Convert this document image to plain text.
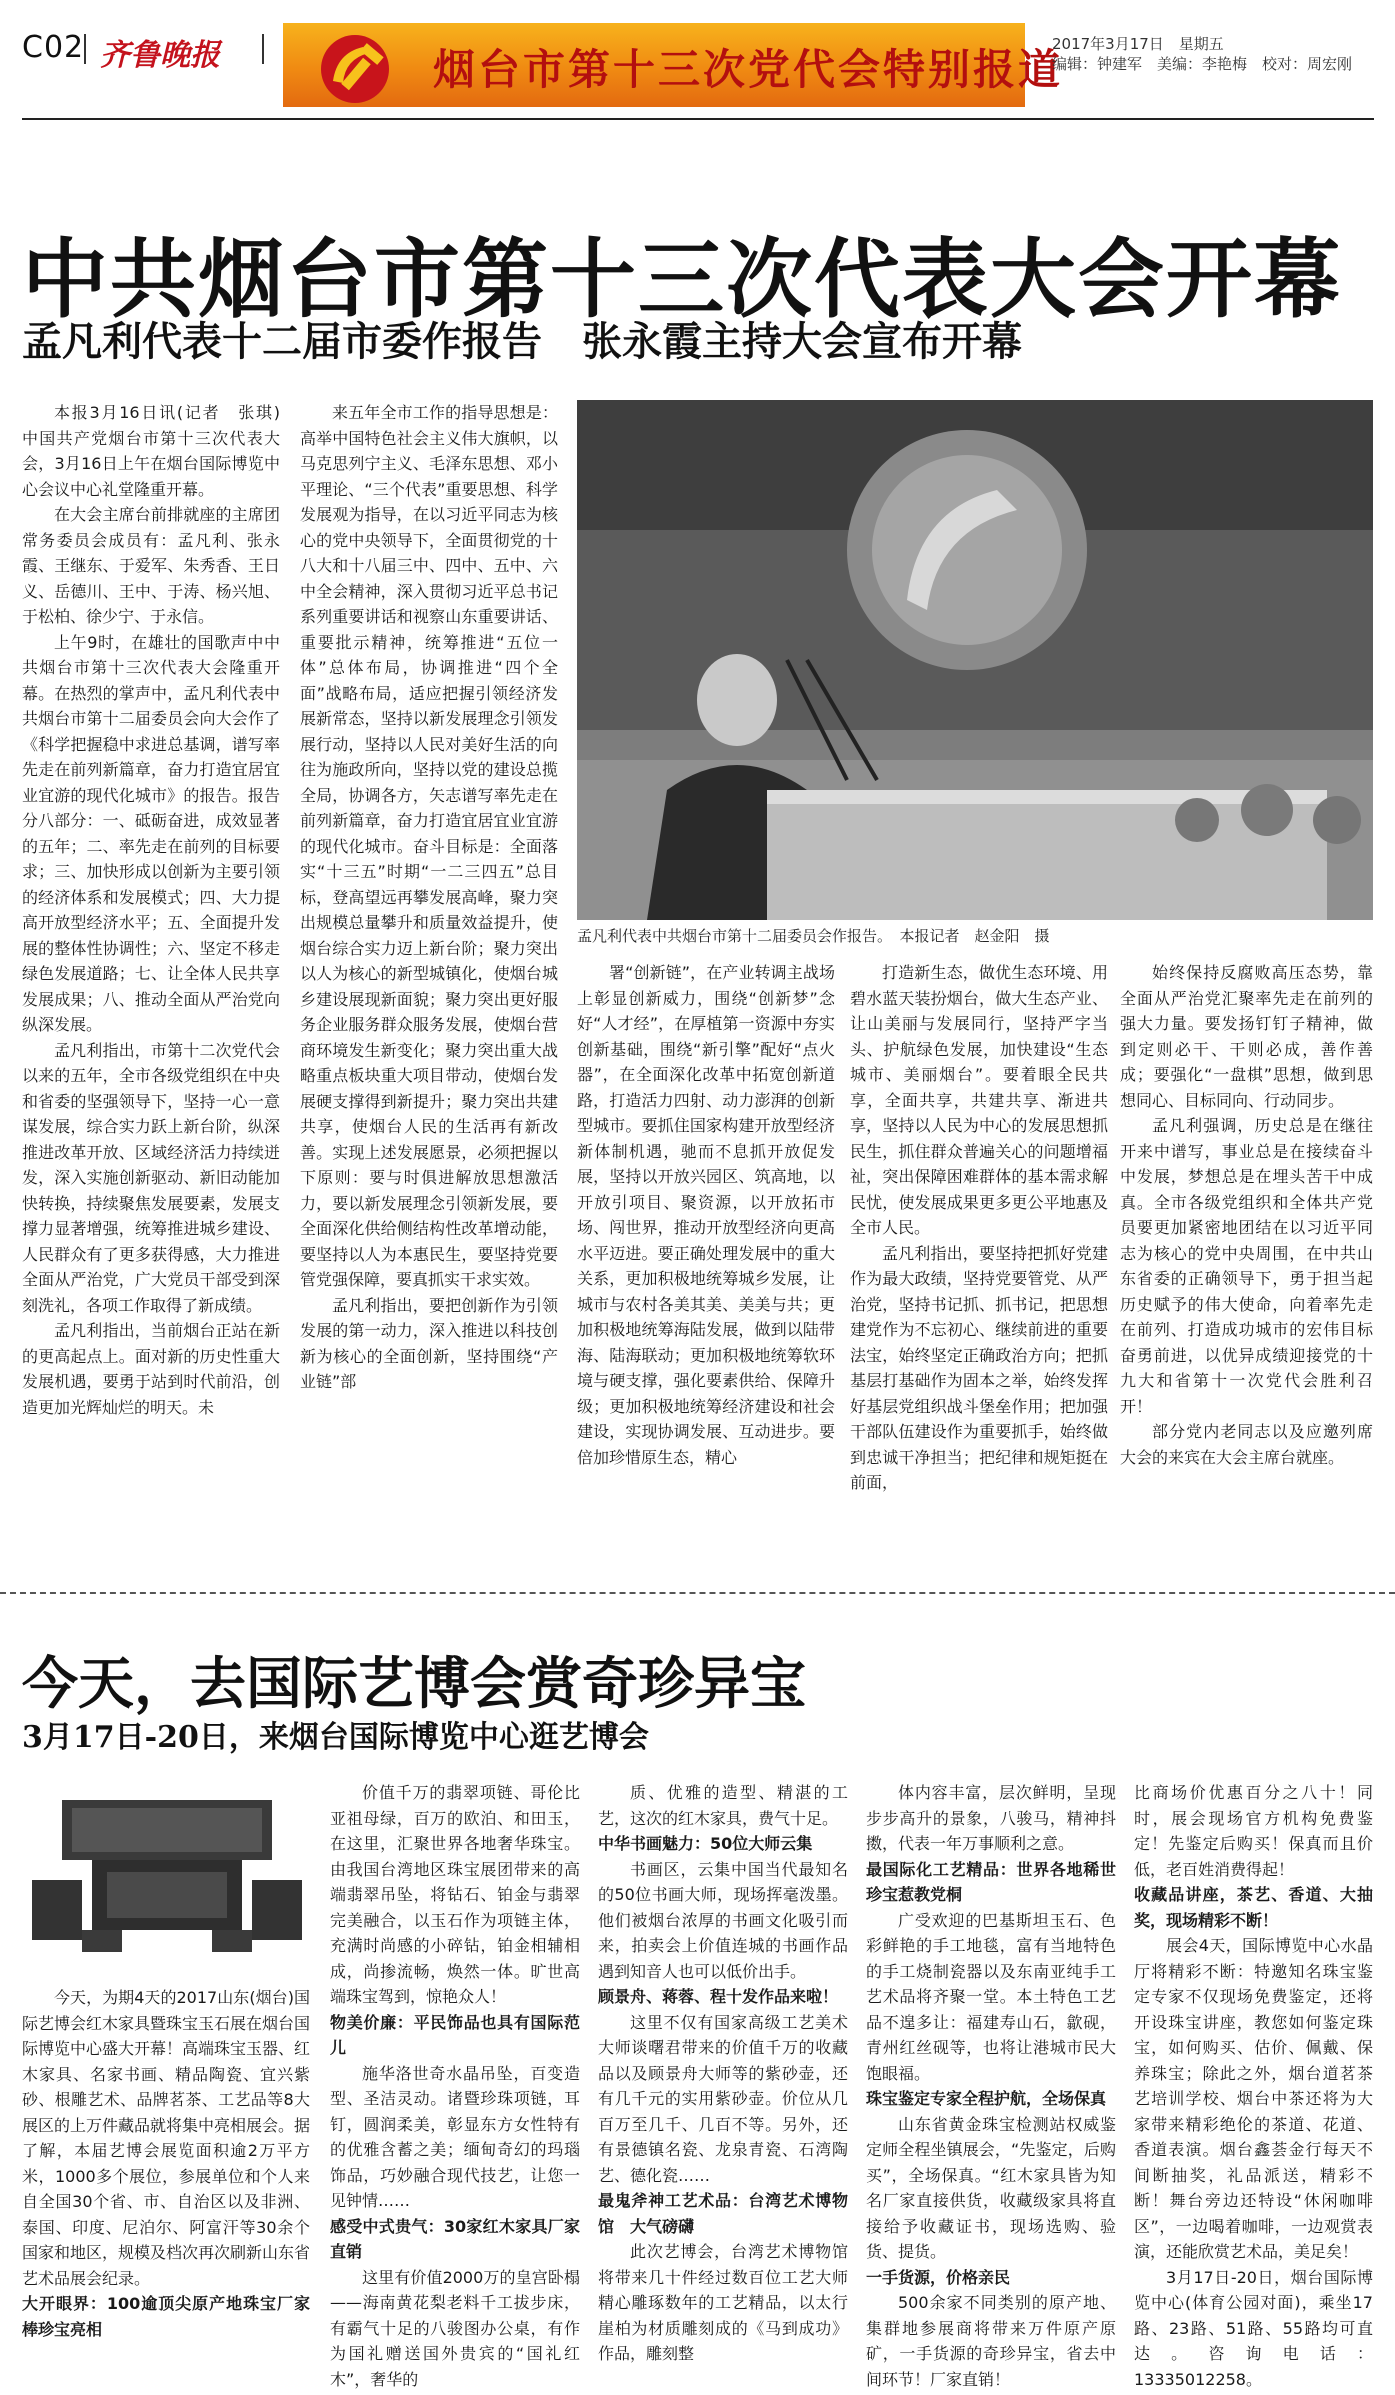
C02 齐鲁晚报	烟台市第十三次党代会特别报道
2017年3月17日　星期五
编辑：钟建军　美编：李艳梅　校对：周宏刚
中共烟台市第十三次代表大会开幕
孟凡利代表十二届市委作报告　张永霞主持大会宣布开幕

本报3月16日讯(记者　张琪)　中国共产党烟台市第十三次代表大会，3月16日上午在烟台国际博览中心会议中心礼堂隆重开幕。

在大会主席台前排就座的主席团常务委员会成员有：孟凡利、张永霞、王继东、于爱军、朱秀香、王日义、岳德川、王中、于涛、杨兴旭、于松柏、徐少宁、于永信。

上午9时，在雄壮的国歌声中中共烟台市第十三次代表大会隆重开幕。在热烈的掌声中，孟凡利代表中共烟台市第十二届委员会向大会作了《科学把握稳中求进总基调，谱写率先走在前列新篇章，奋力打造宜居宜业宜游的现代化城市》的报告。报告分八部分：一、砥砺奋进，成效显著的五年；二、率先走在前列的目标要求；三、加快形成以创新为主要引领的经济体系和发展模式；四、大力提高开放型经济水平；五、全面提升发展的整体性协调性；六、坚定不移走绿色发展道路；七、让全体人民共享发展成果；八、推动全面从严治党向纵深发展。

孟凡利指出，市第十二次党代会以来的五年，全市各级党组织在中央和省委的坚强领导下，坚持一心一意谋发展，综合实力跃上新台阶，纵深推进改革开放、区域经济活力持续迸发，深入实施创新驱动、新旧动能加快转换，持续聚焦发展要素，发展支撑力显著增强，统筹推进城乡建设、人民群众有了更多获得感，大力推进全面从严治党，广大党员干部受到深刻洗礼，各项工作取得了新成绩。

孟凡利指出，当前烟台正站在新的更高起点上。面对新的历史性重大发展机遇，要勇于站到时代前沿，创造更加光辉灿烂的明天。未

来五年全市工作的指导思想是：高举中国特色社会主义伟大旗帜，以马克思列宁主义、毛泽东思想、邓小平理论、“三个代表”重要思想、科学发展观为指导，在以习近平同志为核心的党中央领导下，全面贯彻党的十八大和十八届三中、四中、五中、六中全会精神，深入贯彻习近平总书记系列重要讲话和视察山东重要讲话、重要批示精神，统筹推进“五位一体”总体布局，协调推进“四个全面”战略布局，适应把握引领经济发展新常态，坚持以新发展理念引领发展行动，坚持以人民对美好生活的向往为施政所向，坚持以党的建设总揽全局，协调各方，矢志谱写率先走在前列新篇章，奋力打造宜居宜业宜游的现代化城市。奋斗目标是：全面落实“十三五”时期“一二三四五”总目标，登高望远再攀发展高峰，聚力突出规模总量攀升和质量效益提升，使烟台综合实力迈上新台阶；聚力突出以人为核心的新型城镇化，使烟台城乡建设展现新面貌；聚力突出更好服务企业服务群众服务发展，使烟台营商环境发生新变化；聚力突出重大战略重点板块重大项目带动，使烟台发展硬支撑得到新提升；聚力突出共建共享，使烟台人民的生活再有新改善。实现上述发展愿景，必须把握以下原则：要与时俱进解放思想激活力，要以新发展理念引领新发展，要全面深化供给侧结构性改革增动能，要坚持以人为本惠民生，要坚持党要管党强保障，要真抓实干求实效。

孟凡利指出，要把创新作为引领发展的第一动力，深入推进以科技创新为核心的全面创新，坚持围绕“产业链”部

孟凡利代表中共烟台市第十二届委员会作报告。　本报记者　赵金阳　摄

署“创新链”，在产业转调主战场上彰显创新威力，围绕“创新梦”念好“人才经”，在厚植第一资源中夯实创新基础，围绕“新引擎”配好“点火器”，在全面深化改革中拓宽创新道路，打造活力四射、动力澎湃的创新型城市。要抓住国家构建开放型经济新体制机遇，驰而不息抓开放促发展，坚持以开放兴园区、筑高地，以开放引项目、聚资源，以开放拓市场、闯世界，推动开放型经济向更高水平迈进。要正确处理发展中的重大关系，更加积极地统筹城乡发展，让城市与农村各美其美、美美与共；更加积极地统筹海陆发展，做到以陆带海、陆海联动；更加积极地统筹软环境与硬支撑，强化要素供给、保障升级；更加积极地统筹经济建设和社会建设，实现协调发展、互动进步。要倍加珍惜原生态，精心

打造新生态，做优生态环境、用碧水蓝天装扮烟台，做大生态产业、让山美丽与发展同行，坚持严字当头、护航绿色发展，加快建设“生态城市、美丽烟台”。要着眼全民共享，全面共享，共建共享、渐进共享，坚持以人民为中心的发展思想抓民生，抓住群众普遍关心的问题增福祉，突出保障困难群体的基本需求解民忧，使发展成果更多更公平地惠及全市人民。

孟凡利指出，要坚持把抓好党建作为最大政绩，坚持党要管党、从严治党，坚持书记抓、抓书记，把思想建党作为不忘初心、继续前进的重要法宝，始终坚定正确政治方向；把抓基层打基础作为固本之举，始终发挥好基层党组织战斗堡垒作用；把加强干部队伍建设作为重要抓手，始终做到忠诚干净担当；把纪律和规矩挺在前面，

始终保持反腐败高压态势，靠全面从严治党汇聚率先走在前列的强大力量。要发扬钉钉子精神，做到定则必干、干则必成，善作善成；要强化“一盘棋”思想，做到思想同心、目标同向、行动同步。

孟凡利强调，历史总是在继往开来中谱写，事业总是在接续奋斗中发展，梦想总是在埋头苦干中成真。全市各级党组织和全体共产党员要更加紧密地团结在以习近平同志为核心的党中央周围，在中共山东省委的正确领导下，勇于担当起历史赋予的伟大使命，向着率先走在前列、打造成功城市的宏伟目标奋勇前进，以优异成绩迎接党的十九大和省第十一次党代会胜利召开！

部分党内老同志以及应邀列席大会的来宾在大会主席台就座。

今天，去国际艺博会赏奇珍异宝
3月17日-20日，来烟台国际博览中心逛艺博会

今天，为期4天的2017山东(烟台)国际艺博会红木家具暨珠宝玉石展在烟台国际博览中心盛大开幕！高端珠宝玉器、红木家具、名家书画、精品陶瓷、宜兴紫砂、根雕艺术、品牌茗茶、工艺品等8大展区的上万件藏品就将集中亮相展会。据了解，本届艺博会展览面积逾2万平方米，1000多个展位，参展单位和个人来自全国30个省、市、自治区以及非洲、泰国、印度、尼泊尔、阿富汗等30余个国家和地区，规模及档次再次刷新山东省艺术品展会纪录。

大开眼界：100逾顶尖原产地珠宝厂家棒珍宝亮相

价值千万的翡翠项链、哥伦比亚祖母绿，百万的欧泊、和田玉，在这里，汇聚世界各地奢华珠宝。由我国台湾地区珠宝展团带来的高端翡翠吊坠，将钻石、铂金与翡翠完美融合，以玉石作为项链主体，充满时尚感的小碎钻，铂金相辅相成，尚掺流畅，焕然一体。旷世高端珠宝驾到，惊艳众人！

物美价廉：平民饰品也具有国际范儿

施华洛世奇水晶吊坠，百变造型、圣洁灵动。诸暨珍珠项链，耳钉，圆润柔美，彰显东方女性特有的优雅含蓄之美；缅甸奇幻的玛瑙饰品，巧妙融合现代技艺，让您一见钟情……

感受中式贵气：30家红木家具厂家直销

这里有价值2000万的皇宫卧榻——海南黄花梨老料千工拔步床，有霸气十足的八骏图办公桌，有作为国礼赠送国外贵宾的“国礼红木”，奢华的

质、优雅的造型、精湛的工艺，这次的红木家具，费气十足。

中华书画魅力：50位大师云集

书画区，云集中国当代最知名的50位书画大师，现场挥毫泼墨。他们被烟台浓厚的书画文化吸引而来，拍卖会上价值连城的书画作品遇到知音人也可以低价出手。

顾景舟、蒋蓉、程十发作品来啦！

这里不仅有国家高级工艺美术大师谈曙君带来的价值千万的收藏品以及顾景舟大师等的紫砂壶，还有几千元的实用紫砂壶。价位从几百万至几千、几百不等。另外，还有景德镇名瓷、龙泉青瓷、石湾陶艺、德化瓷……

最鬼斧神工艺术品：台湾艺术博物馆　大气磅礴

此次艺博会，台湾艺术博物馆将带来几十件经过数百位工艺大师精心雕琢数年的工艺精品，以太行崖柏为材质雕刻成的《马到成功》作品，雕刻整

体内容丰富，层次鲜明，呈现步步高升的景象，八骏马，精神抖擞，代表一年万事顺利之意。

最国际化工艺精品：世界各地稀世珍宝惹教党桐

广受欢迎的巴基斯坦玉石、色彩鲜艳的手工地毯，富有当地特色的手工烧制瓷器以及东南亚纯手工艺术品将齐聚一堂。本土特色工艺品不遑多让：福建寿山石，歙砚，青州红丝砚等，也将让港城市民大饱眼福。

珠宝鉴定专家全程护航，全场保真

山东省黄金珠宝检测站权威鉴定师全程坐镇展会，“先鉴定，后购买”，全场保真。“红木家具皆为知名厂家直接供货，收藏级家具将直接给予收藏证书，现场选购、验货、提货。

一手货源，价格亲民

500余家不同类别的原产地、集群地参展商将带来万件原产原矿，一手货源的奇珍异宝，省去中间环节！厂家直销！

比商场价优惠百分之八十！同时，展会现场官方机构免费鉴定！先鉴定后购买！保真而且价低，老百姓消费得起！

收藏品讲座，茶艺、香道、大抽奖，现场精彩不断！

展会4天，国际博览中心水晶厅将精彩不断：特邀知名珠宝鉴定专家不仅现场免费鉴定，还将开设珠宝讲座，教您如何鉴定珠宝，如何购买、估价、佩戴、保养珠宝；除此之外，烟台道茗茶艺培训学校、烟台中茶还将为大家带来精彩绝伦的茶道、花道、香道表演。烟台鑫荟金行每天不间断抽奖，礼品派送，精彩不断！舞台旁边还特设“休闲咖啡区”，一边喝着咖啡，一边观赏表演，还能欣赏艺术品，美足矣！

3月17日-20日，烟台国际博览中心(体育公园对面)，乘坐17路、23路、51路、55路均可直达。咨询电话：13335012258。
